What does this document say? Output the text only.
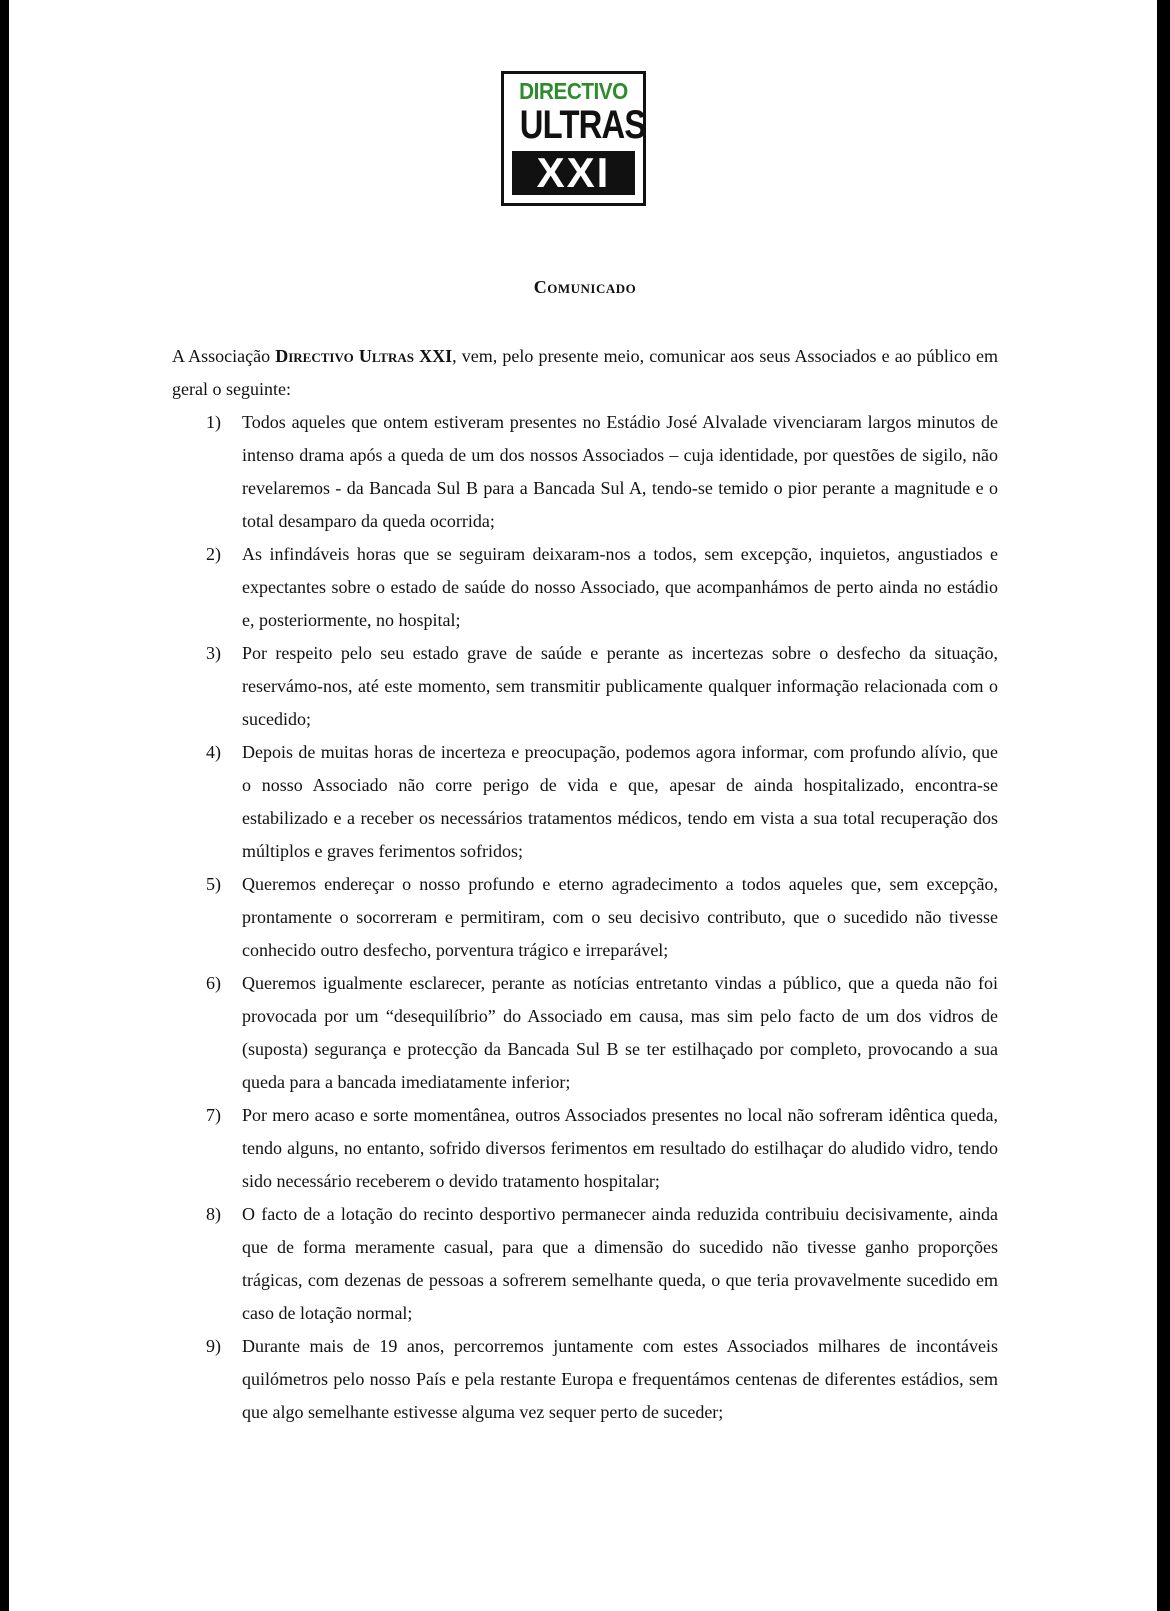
DIRECTIVO
ULTRAS
XXI
Comunicado
A Associação Directivo Ultras XXI, vem, pelo presente meio, comunicar aos seus Associados e ao público em geral o seguinte:
1) Todos aqueles que ontem estiveram presentes no Estádio José Alvalade vivenciaram largos minutos de intenso drama após a queda de um dos nossos Associados – cuja identidade, por questões de sigilo, não revelaremos - da Bancada Sul B para a Bancada Sul A, tendo-se temido o pior perante a magnitude e o total desamparo da queda ocorrida;
2) As infindáveis horas que se seguiram deixaram-nos a todos, sem excepção, inquietos, angustiados e expectantes sobre o estado de saúde do nosso Associado, que acompanhámos de perto ainda no estádio e, posteriormente, no hospital;
3) Por respeito pelo seu estado grave de saúde e perante as incertezas sobre o desfecho da situação, reservámo-nos, até este momento, sem transmitir publicamente qualquer informação relacionada com o sucedido;
4) Depois de muitas horas de incerteza e preocupação, podemos agora informar, com profundo alívio, que o nosso Associado não corre perigo de vida e que, apesar de ainda hospitalizado, encontra-se estabilizado e a receber os necessários tratamentos médicos, tendo em vista a sua total recuperação dos múltiplos e graves ferimentos sofridos;
5) Queremos endereçar o nosso profundo e eterno agradecimento a todos aqueles que, sem excepção, prontamente o socorreram e permitiram, com o seu decisivo contributo, que o sucedido não tivesse conhecido outro desfecho, porventura trágico e irreparável;
6) Queremos igualmente esclarecer, perante as notícias entretanto vindas a público, que a queda não foi provocada por um “desequilíbrio” do Associado em causa, mas sim pelo facto de um dos vidros de (suposta) segurança e protecção da Bancada Sul B se ter estilhaçado por completo, provocando a sua queda para a bancada imediatamente inferior;
7) Por mero acaso e sorte momentânea, outros Associados presentes no local não sofreram idêntica queda, tendo alguns, no entanto, sofrido diversos ferimentos em resultado do estilhaçar do aludido vidro, tendo sido necessário receberem o devido tratamento hospitalar;
8) O facto de a lotação do recinto desportivo permanecer ainda reduzida contribuiu decisivamente, ainda que de forma meramente casual, para que a dimensão do sucedido não tivesse ganho proporções trágicas, com dezenas de pessoas a sofrerem semelhante queda, o que teria provavelmente sucedido em caso de lotação normal;
9) Durante mais de 19 anos, percorremos juntamente com estes Associados milhares de incontáveis quilómetros pelo nosso País e pela restante Europa e frequentámos centenas de diferentes estádios, sem que algo semelhante estivesse alguma vez sequer perto de suceder;
